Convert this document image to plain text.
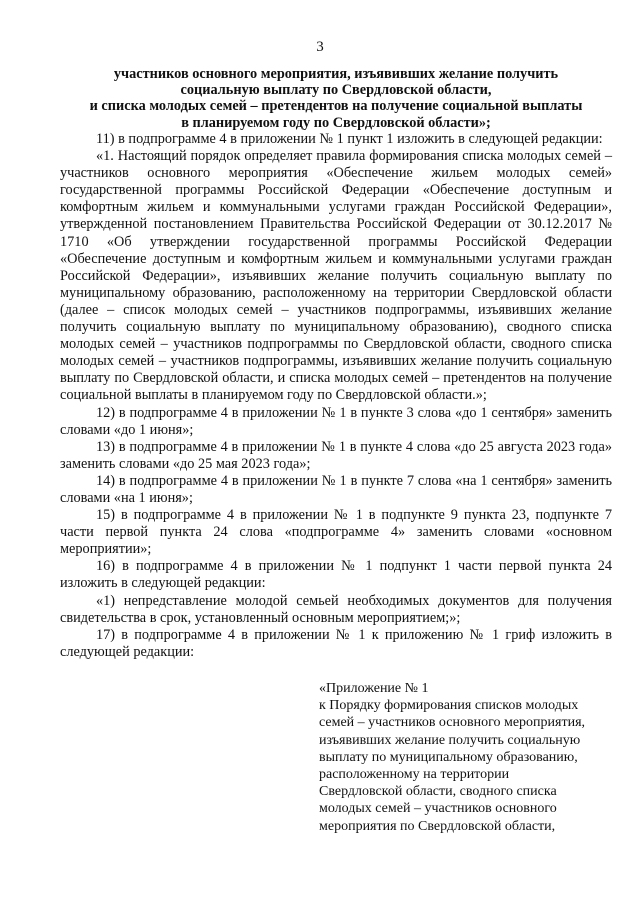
3
участников основного мероприятия, изъявивших желание получить
социальную выплату по Свердловской области,
и списка молодых семей – претендентов на получение социальной выплаты
в планируемом году по Свердловской области»;

11) в подпрограмме 4 в приложении № 1 пункт 1 изложить в следующей редакции:

«1. Настоящий порядок определяет правила формирования списка молодых семей – участников основного мероприятия «Обеспечение жильем молодых семей» государственной программы Российской Федерации «Обеспечение доступным и комфортным жильем и коммунальными услугами граждан Российской Федерации», утвержденной постановлением Правительства Российской Федерации от 30.12.2017 № 1710 «Об утверждении государственной программы Российской Федерации «Обеспечение доступным и комфортным жильем и коммунальными услугами граждан Российской Федерации», изъявивших желание получить социальную выплату по муниципальному образованию, расположенному на территории Свердловской области (далее – список молодых семей – участников подпрограммы, изъявивших желание получить социальную выплату по муниципальному образованию), сводного списка молодых семей – участников подпрограммы по Свердловской области, сводного списка молодых семей – участников подпрограммы, изъявивших желание получить социальную выплату по Свердловской области, и списка молодых семей – претендентов на получение социальной выплаты в планируемом году по Свердловской области.»;

12) в подпрограмме 4 в приложении № 1 в пункте 3 слова «до 1 сентября» заменить словами «до 1 июня»;

13) в подпрограмме 4 в приложении № 1 в пункте 4 слова «до 25 августа 2023 года» заменить словами «до 25 мая 2023 года»;

14) в подпрограмме 4 в приложении № 1 в пункте 7 слова «на 1 сентября» заменить словами «на 1 июня»;

15) в подпрограмме 4 в приложении № 1 в подпункте 9 пункта 23, подпункте 7 части первой пункта 24 слова «подпрограмме 4» заменить словами «основном мероприятии»;

16) в подпрограмме 4 в приложении № 1 подпункт 1 части первой пункта 24 изложить в следующей редакции:

«1) непредставление молодой семьей необходимых документов для получения свидетельства в срок, установленный основным мероприятием;»;

17) в подпрограмме 4 в приложении № 1 к приложению № 1 гриф изложить в следующей редакции:

«Приложение № 1
к Порядку формирования списков молодых
семей – участников основного мероприятия,
изъявивших желание получить социальную
выплату по муниципальному образованию,
расположенному на территории
Свердловской области, сводного списка
молодых семей – участников основного
мероприятия по Свердловской области,
